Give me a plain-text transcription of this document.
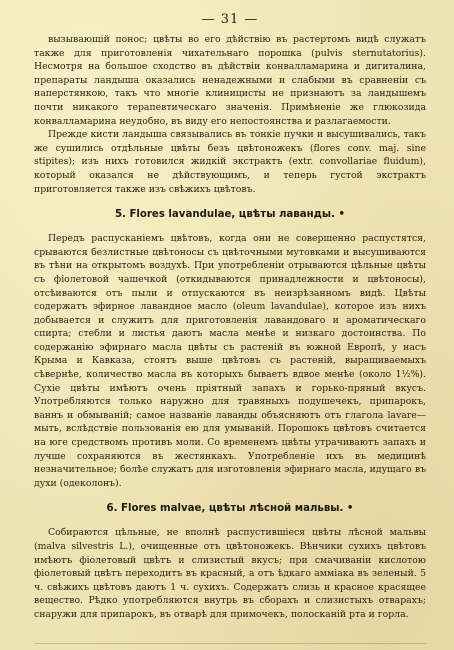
— 31 —

вызывающій понос; цвѣты во его дѣйствію въ растертомъ видѣ служатъ также для приготовленія чихательнаго порошка (pulvis sternutatorius). Несмотря на большое сходство въ дѣйствіи конвалламарина и дигиталина, препараты ландыша оказались ненадежными и слабыми въ сравненіи съ наперстянкою, такъ что многіе клиницисты не признаютъ за ландышемъ почти никакого терапевтическаго значенія. Примѣненіе же глюкозида конвалламарина неудобно, въ виду его непостоянства и разлагаемости.

Прежде кисти ландыша связывались въ тонкіе пучки и высушивались, такъ же сушились отдѣльные цвѣты безъ цвѣтоножекъ (flores conv. maj. sine stipites); изъ нихъ готовился жидкій экстрактъ (extr. convollariae fluidum), который оказался не дѣйствующимъ, и теперь густой экстрактъ приготовляется также изъ свѣжихъ цвѣтовъ.

5. Flores lavandulae, цвѣты лаванды. •

Передъ распусканіемъ цвѣтовъ, когда они не совершенно распустятся, срываются безлистные цвѣтоносы съ цвѣточными мутовками и высушиваются въ тѣни на открытомъ воздухѣ. При употребленіи отрываются цѣльные цвѣты съ фіолетовой чашечкой (откидываются принадлежности и цвѣтоносы), отсѣиваются отъ пыли и отпускаются въ неизрѣзанномъ видѣ. Цвѣты содержатъ эфирное лавандное масло (oleum lavandulae), которое изъ нихъ добывается и служитъ для приготовленія лавандоваго и ароматическаго спирта; стебли и листья даютъ масла менѣе и низкаго достоинства. По содержанію эфирнаго масла цвѣты съ растеній въ южной Европѣ, у насъ Крыма и Кавказа, стоятъ выше цвѣтовъ съ растеній, выращиваемыхъ сѣвернѣе, количество масла въ которыхъ бываетъ вдвое менѣе (около 1½%). Сухіе цвѣты имѣютъ очень пріятный запахъ и горько-пряный вкусъ. Употребляются только наружно для травяныхъ подушечекъ, припарокъ, ваннъ и обмываній; самое названіе лаванды объясняютъ отъ глагола lavare—мыть, вслѣдствіе пользованія ею для умываній. Порошокъ цвѣтовъ считается на юге средствомъ противъ моли. Со временемъ цвѣты утрачиваютъ запахъ и лучше сохраняются въ жестянкахъ. Употребленіе ихъ въ медицинѣ незначительное; болѣе служатъ для изготовленія эфирнаго масла, идущаго въ духи (одеколонъ).

6. Flores malvae, цвѣты лѣсной мальвы. •

Собираются цѣльные, не вполнѣ распустившіеся цвѣты лѣсной мальвы (malva silvestris L.), очищенные отъ цвѣтоножекъ. Вѣнчики сухихъ цвѣтовъ имѣютъ фіолетовый цвѣтъ и слизистый вкусъ; при смачиваніи кислотою фіолетовый цвѣтъ переходитъ въ красный, а отъ ѣдкаго аммiака въ зеленый. 5 ч. свѣжихъ цвѣтовъ даютъ 1 ч. сухихъ. Содержатъ слизь и красное красящее вещество. Рѣдко употребляются внутрь въ сборахъ и слизистыхъ отварахъ; снаружи для припарокъ, въ отварѣ для примочекъ, полосканій рта и горла.
